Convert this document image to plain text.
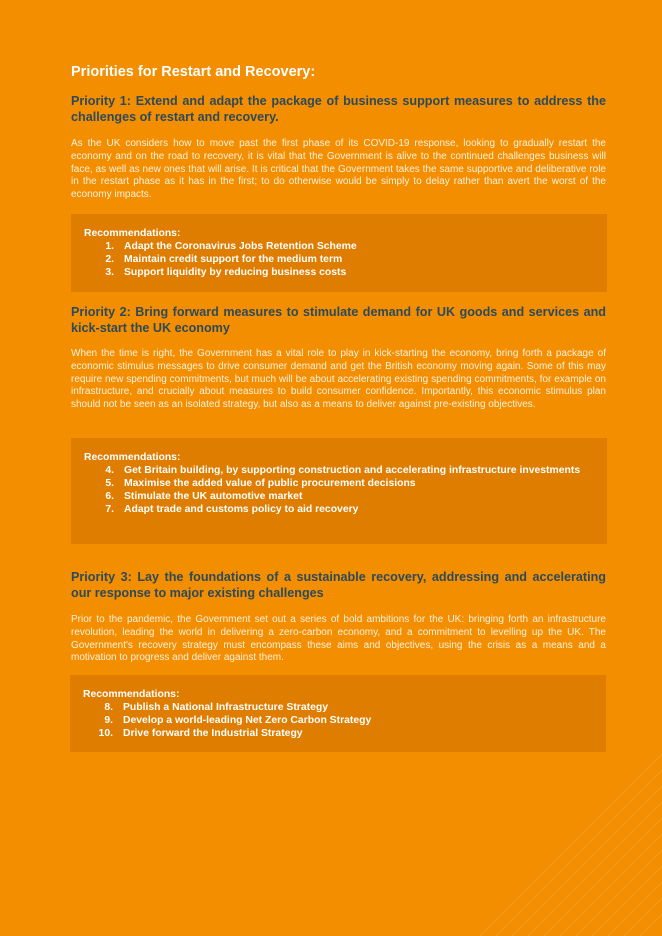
Priorities for Restart and Recovery:
Priority 1: Extend and adapt the package of business support measures to address the challenges of restart and recovery.

As the UK considers how to move past the first phase of its COVID-19 response, looking to gradually restart the economy and on the road to recovery, it is vital that the Government is alive to the continued challenges business will face, as well as new ones that will arise. It is critical that the Government takes the same supportive and deliberative role in the restart phase as it has in the first; to do otherwise would be simply to delay rather than avert the worst of the economy impacts.

Recommendations:

1. Adapt the Coronavirus Jobs Retention Scheme
2. Maintain credit support for the medium term
3. Support liquidity by reducing business costs
Priority 2: Bring forward measures to stimulate demand for UK goods and services and kick-start the UK economy

When the time is right, the Government has a vital role to play in kick-starting the economy, bring forth a package of economic stimulus messages to drive consumer demand and get the British economy moving again. Some of this may require new spending commitments, but much will be about accelerating existing spending commitments, for example on infrastructure, and crucially about measures to build consumer confidence. Importantly, this economic stimulus plan should not be seen as an isolated strategy, but also as a means to deliver against pre-existing objectives.

Recommendations:

4. Get Britain building, by supporting construction and accelerating infrastructure investments
5. Maximise the added value of public procurement decisions
6. Stimulate the UK automotive market
7. Adapt trade and customs policy to aid recovery
Priority 3: Lay the foundations of a sustainable recovery, addressing and accelerating our response to major existing challenges

Prior to the pandemic, the Government set out a series of bold ambitions for the UK: bringing forth an infrastructure revolution, leading the world in delivering a zero-carbon economy, and a commitment to levelling up the UK. The Government's recovery strategy must encompass these aims and objectives, using the crisis as a means and a motivation to progress and deliver against them.

Recommendations:

8. Publish a National Infrastructure Strategy
9. Develop a world-leading Net Zero Carbon Strategy
10. Drive forward the Industrial Strategy
